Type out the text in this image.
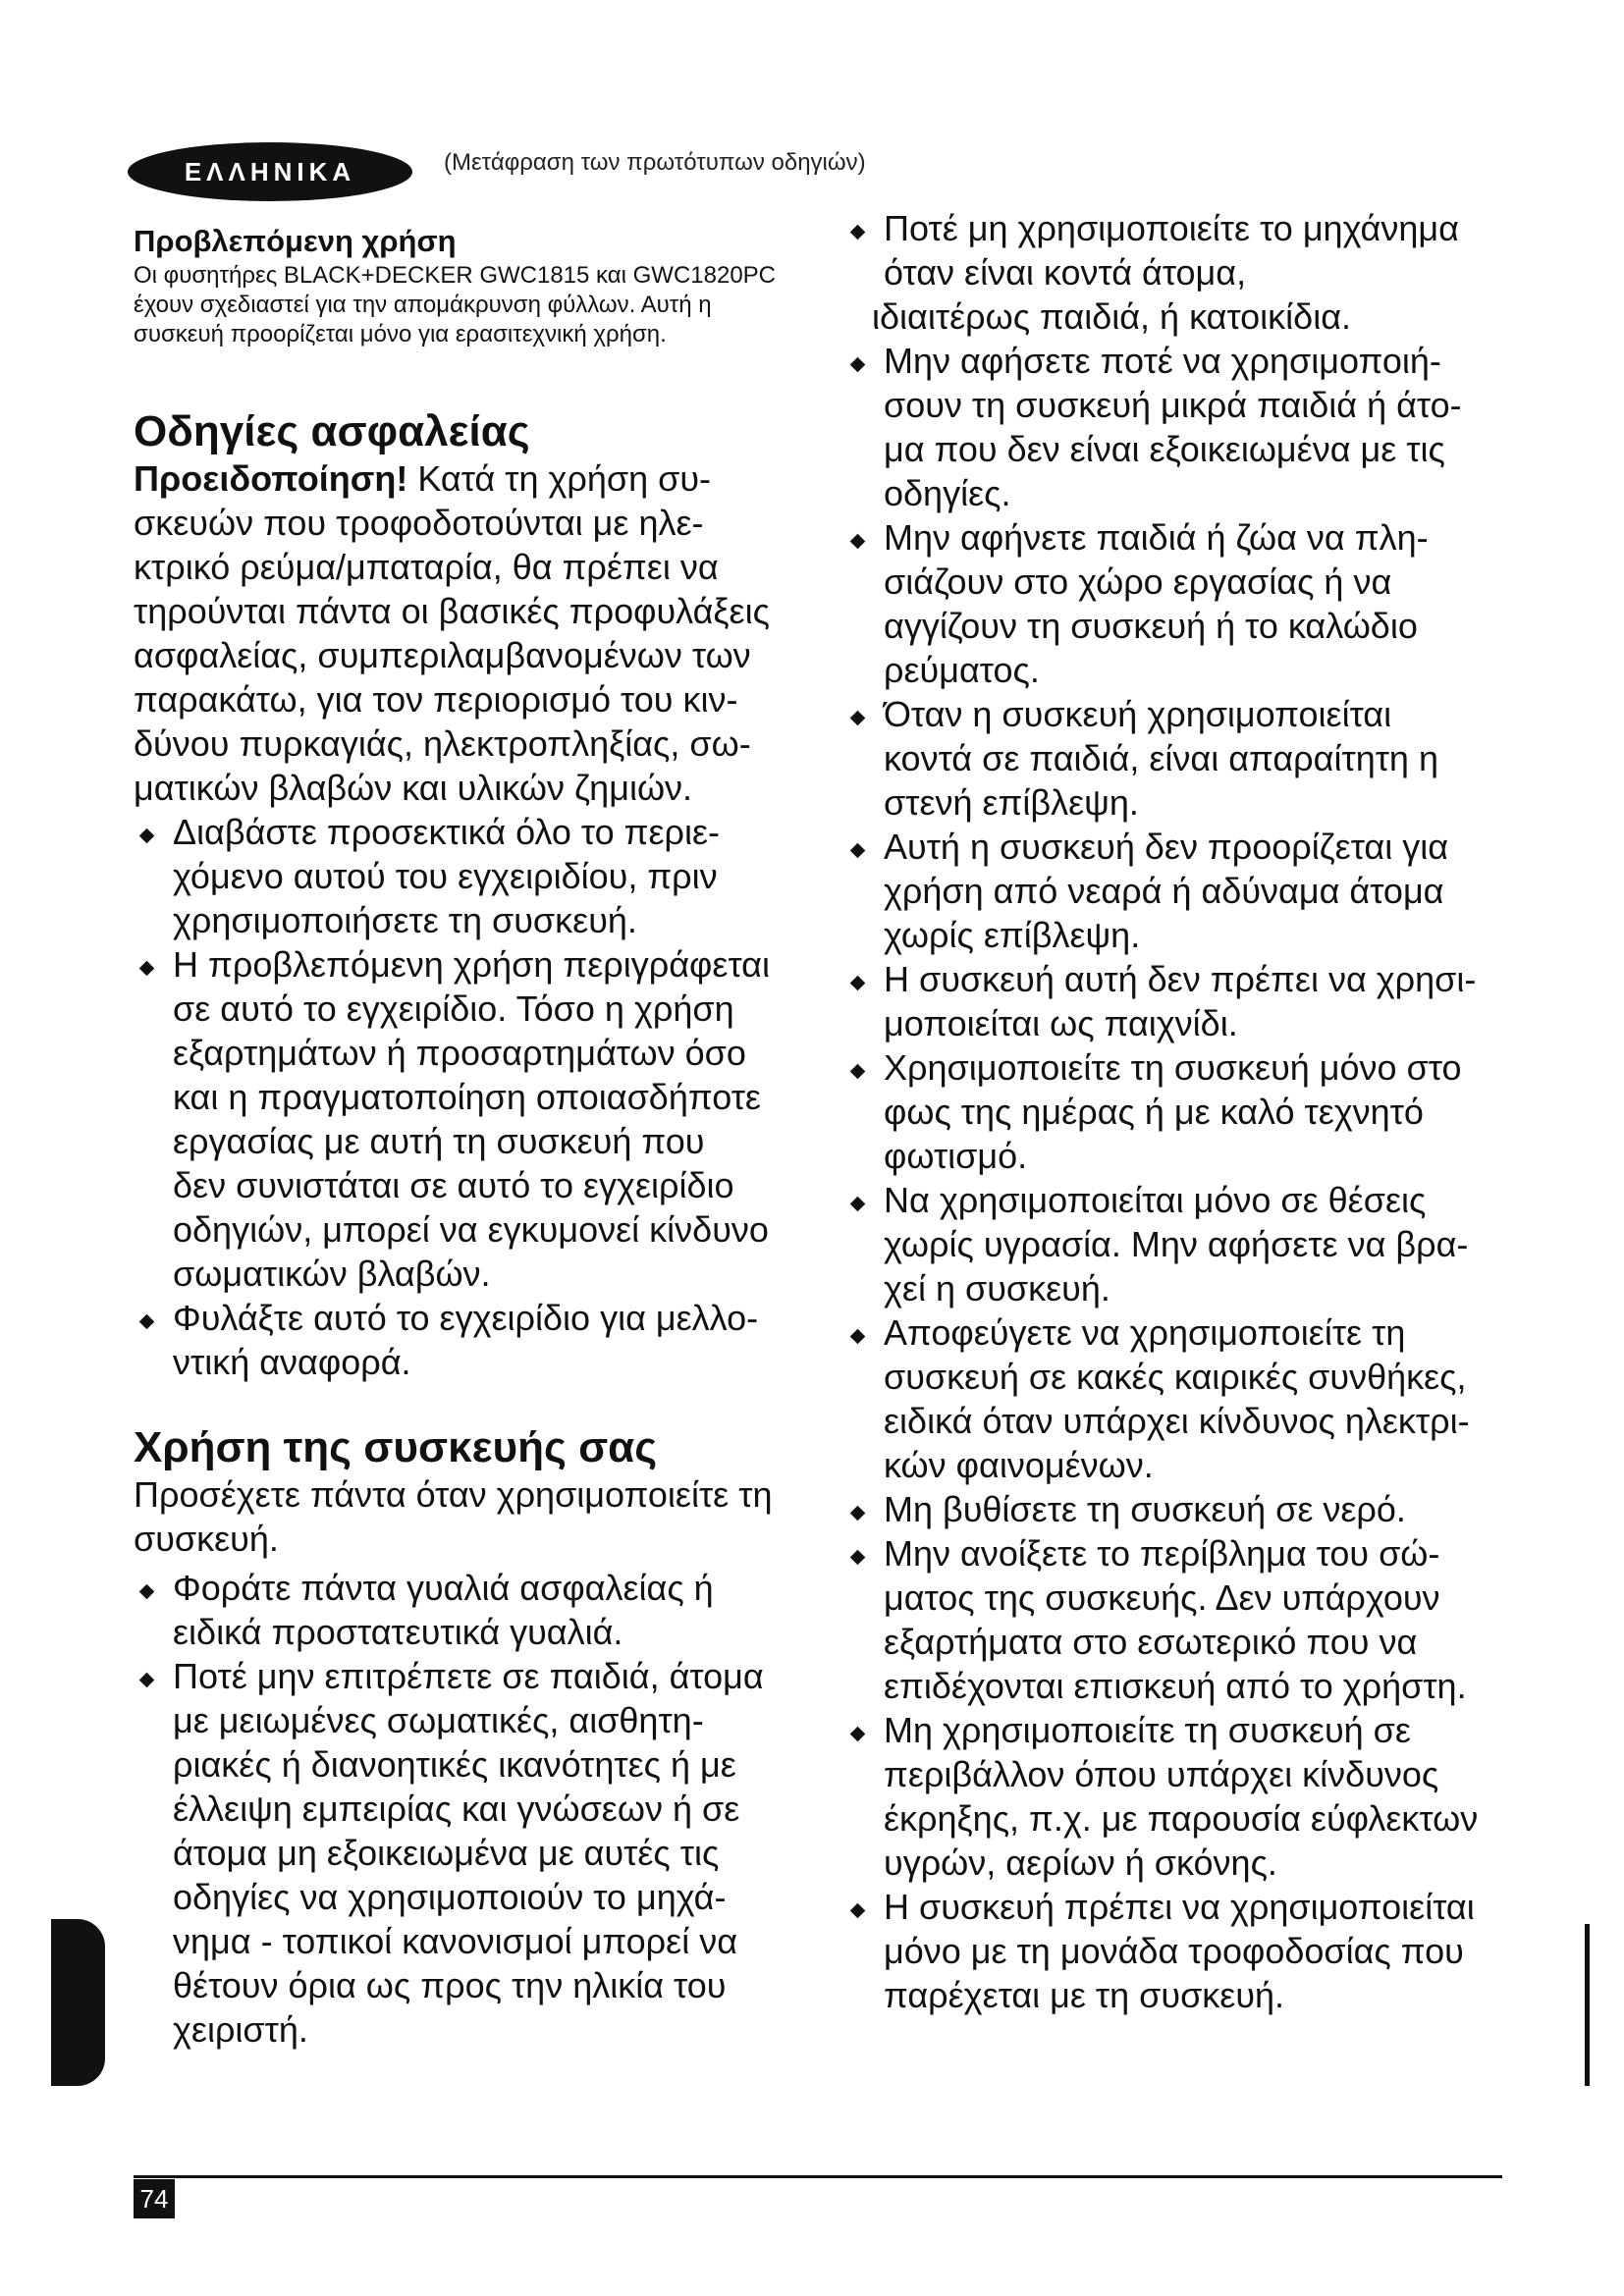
ΕΛΛΗΝΙΚΑ	(Μετάφραση των πρωτότυπων οδηγιών)
Προβλεπόμενη χρήση
Οι φυσητήρες BLACK+DECKER GWC1815 και GWC1820PC
έχουν σχεδιαστεί για την απομάκρυνση φύλλων. Αυτή η
συσκευή προορίζεται μόνο για ερασιτεχνική χρήση.
Οδηγίες ασφαλείας
Προειδοποίηση! Κατά τη χρήση συ-
σκευών που τροφοδοτούνται με ηλε-
κτρικό ρεύμα/μπαταρία, θα πρέπει να
τηρούνται πάντα οι βασικές προφυλάξεις
ασφαλείας, συμπεριλαμβανομένων των
παρακάτω, για τον περιορισμό του κιν-
δύνου πυρκαγιάς, ηλεκτροπληξίας, σω-
ματικών βλαβών και υλικών ζημιών.
Διαβάστε προσεκτικά όλο το περιε-
χόμενο αυτού του εγχειριδίου, πριν
χρησιμοποιήσετε τη συσκευή.
Η προβλεπόμενη χρήση περιγράφεται
σε αυτό το εγχειρίδιο. Τόσο η χρήση
εξαρτημάτων ή προσαρτημάτων όσο
και η πραγματοποίηση οποιασδήποτε
εργασίας με αυτή τη συσκευή που
δεν συνιστάται σε αυτό το εγχειρίδιο
οδηγιών, μπορεί να εγκυμονεί κίνδυνο
σωματικών βλαβών.
Φυλάξτε αυτό το εγχειρίδιο για μελλο-
ντική αναφορά.
Χρήση της συσκευής σας
Προσέχετε πάντα όταν χρησιμοποιείτε τη
συσκευή.
Φοράτε πάντα γυαλιά ασφαλείας ή
ειδικά προστατευτικά γυαλιά.
Ποτέ μην επιτρέπετε σε παιδιά, άτομα
με μειωμένες σωματικές, αισθητη-
ριακές ή διανοητικές ικανότητες ή με
έλλειψη εμπειρίας και γνώσεων ή σε
άτομα μη εξοικειωμένα με αυτές τις
οδηγίες να χρησιμοποιούν το μηχά-
νημα - τοπικοί κανονισμοί μπορεί να
θέτουν όρια ως προς την ηλικία του
χειριστή.
Ποτέ μη χρησιμοποιείτε το μηχάνημα
όταν είναι κοντά άτομα,
ιδιαιτέρως παιδιά, ή κατοικίδια.
Μην αφήσετε ποτέ να χρησιμοποιή-
σουν τη συσκευή μικρά παιδιά ή άτο-
μα που δεν είναι εξοικειωμένα με τις
οδηγίες.
Μην αφήνετε παιδιά ή ζώα να πλη-
σιάζουν στο χώρο εργασίας ή να
αγγίζουν τη συσκευή ή το καλώδιο
ρεύματος.
Όταν η συσκευή χρησιμοποιείται
κοντά σε παιδιά, είναι απαραίτητη η
στενή επίβλεψη.
Αυτή η συσκευή δεν προορίζεται για
χρήση από νεαρά ή αδύναμα άτομα
χωρίς επίβλεψη.
Η συσκευή αυτή δεν πρέπει να χρησι-
μοποιείται ως παιχνίδι.
Χρησιμοποιείτε τη συσκευή μόνο στο
φως της ημέρας ή με καλό τεχνητό
φωτισμό.
Να χρησιμοποιείται μόνο σε θέσεις
χωρίς υγρασία. Μην αφήσετε να βρα-
χεί η συσκευή.
Αποφεύγετε να χρησιμοποιείτε τη
συσκευή σε κακές καιρικές συνθήκες,
ειδικά όταν υπάρχει κίνδυνος ηλεκτρι-
κών φαινομένων.
Μη βυθίσετε τη συσκευή σε νερό.
Μην ανοίξετε το περίβλημα του σώ-
ματος της συσκευής. Δεν υπάρχουν
εξαρτήματα στο εσωτερικό που να
επιδέχονται επισκευή από το χρήστη.
Μη χρησιμοποιείτε τη συσκευή σε
περιβάλλον όπου υπάρχει κίνδυνος
έκρηξης, π.χ. με παρουσία εύφλεκτων
υγρών, αερίων ή σκόνης.
Η συσκευή πρέπει να χρησιμοποιείται
μόνο με τη μονάδα τροφοδοσίας που
παρέχεται με τη συσκευή.
74
